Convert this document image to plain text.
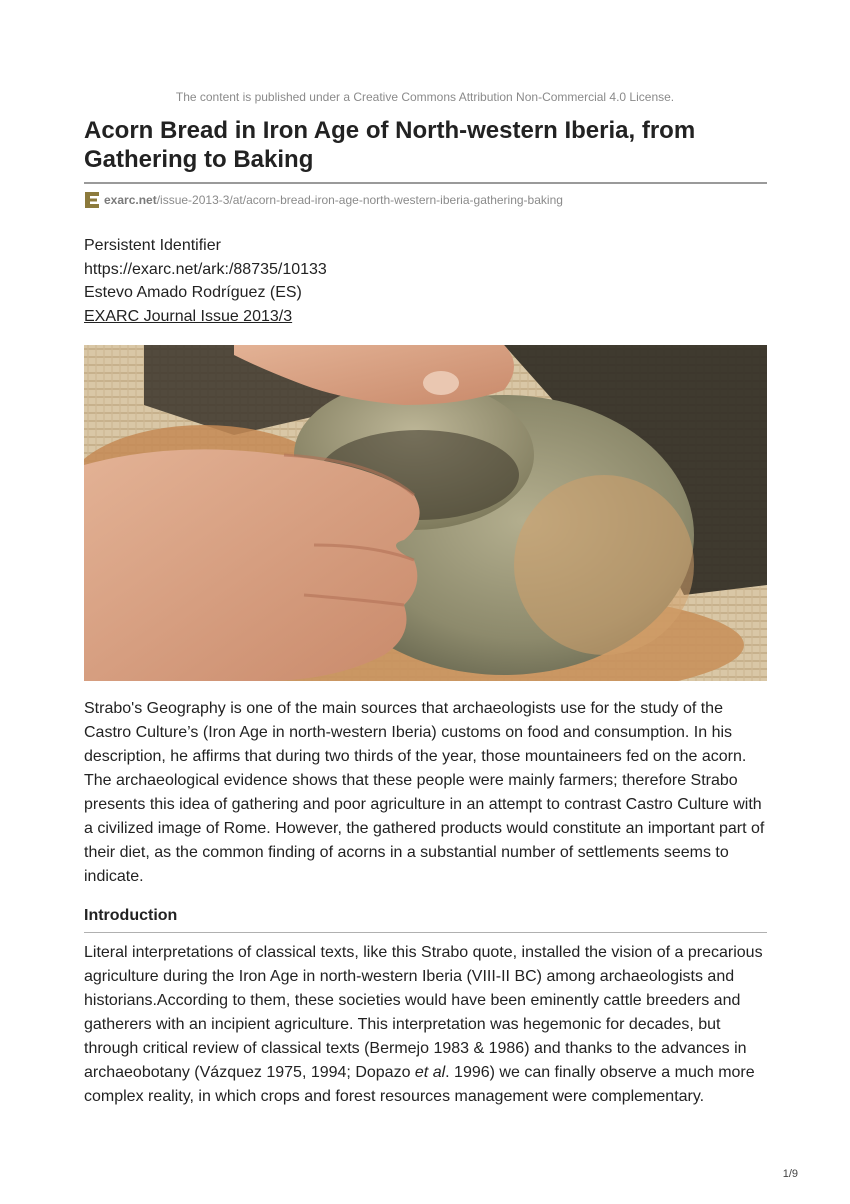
The content is published under a Creative Commons Attribution Non-Commercial 4.0 License.
Acorn Bread in Iron Age of North-western Iberia, from Gathering to Baking
exarc.net/issue-2013-3/at/acorn-bread-iron-age-north-western-iberia-gathering-baking
Persistent Identifier
https://exarc.net/ark:/88735/10133
Estevo Amado Rodríguez (ES)
EXARC Journal Issue 2013/3

Strabo's Geography is one of the main sources that archaeologists use for the study of the Castro Culture’s (Iron Age in north-western Iberia) customs on food and consumption. In his description, he affirms that during two thirds of the year, those mountaineers fed on the acorn. The archaeological evidence shows that these people were mainly farmers; therefore Strabo presents this idea of gathering and poor agriculture in an attempt to contrast Castro Culture with a civilized image of Rome. However, the gathered products would constitute an important part of their diet, as the common finding of acorns in a substantial number of settlements seems to indicate.

Introduction

Literal interpretations of classical texts, like this Strabo quote, installed the vision of a precarious agriculture during the Iron Age in north-western Iberia (VIII-II BC) among archaeologists and historians.According to them, these societies would have been eminently cattle breeders and gatherers with an incipient agriculture. This interpretation was hegemonic for decades, but through critical review of classical texts (Bermejo 1983 & 1986) and thanks to the advances in archaeobotany (Vázquez 1975, 1994; Dopazo et al. 1996) we can finally observe a much more complex reality, in which crops and forest resources management were complementary.

1/9
